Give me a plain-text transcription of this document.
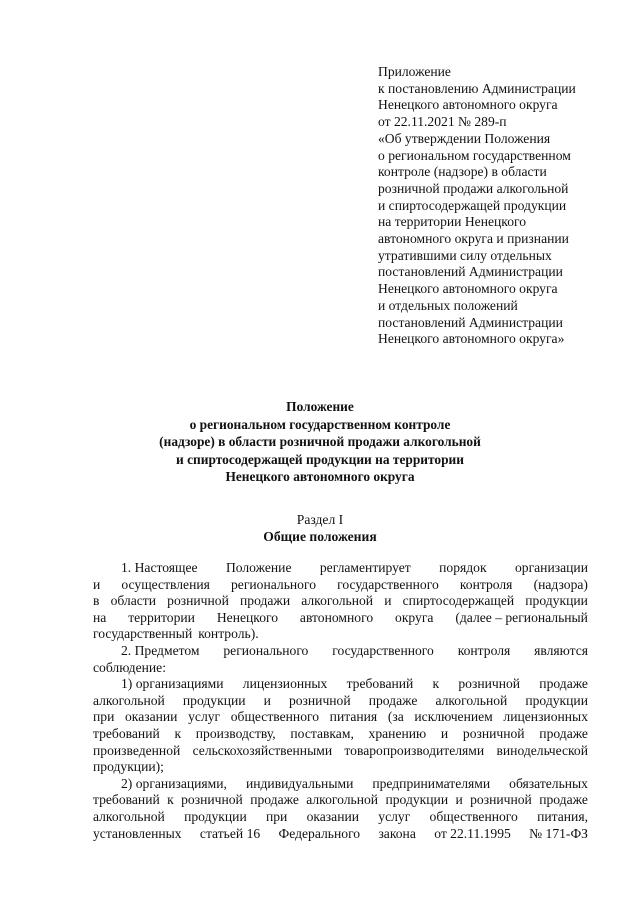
Приложение
к постановлению Администрации
Ненецкого автономного округа
от 22.11.2021 № 289-п
«Об утверждении Положения
о региональном государственном
контроле (надзоре) в области
розничной продажи алкогольной
и спиртосодержащей продукции
на территории Ненецкого
автономного округа и признании
утратившими силу отдельных
постановлений Администрации
Ненецкого автономного округа
и отдельных положений
постановлений Администрации
Ненецкого автономного округа»
Положение
о региональном государственном контроле
(надзоре) в области розничной продажи алкогольной
и спиртосодержащей продукции на территории
Ненецкого автономного округа
Раздел I
Общие положения
1. Настоящее Положение регламентирует порядок организации
и осуществления регионального государственного контроля (надзора)
в области розничной продажи алкогольной и спиртосодержащей продукции
на территории Ненецкого автономного округа (далее – региональный
государственный контроль).
2. Предметом регионального государственного контроля являются
соблюдение:
1) организациями лицензионных требований к розничной продаже
алкогольной продукции и розничной продаже алкогольной продукции
при оказании услуг общественного питания (за исключением лицензионных
требований к производству, поставкам, хранению и розничной продаже
произведенной сельскохозяйственными товаропроизводителями винодельческой
продукции);
2) организациями, индивидуальными предпринимателями обязательных
требований к розничной продаже алкогольной продукции и розничной продаже
алкогольной продукции при оказании услуг общественного питания,
установленных статьей 16 Федерального закона от 22.11.1995 № 171-ФЗ
